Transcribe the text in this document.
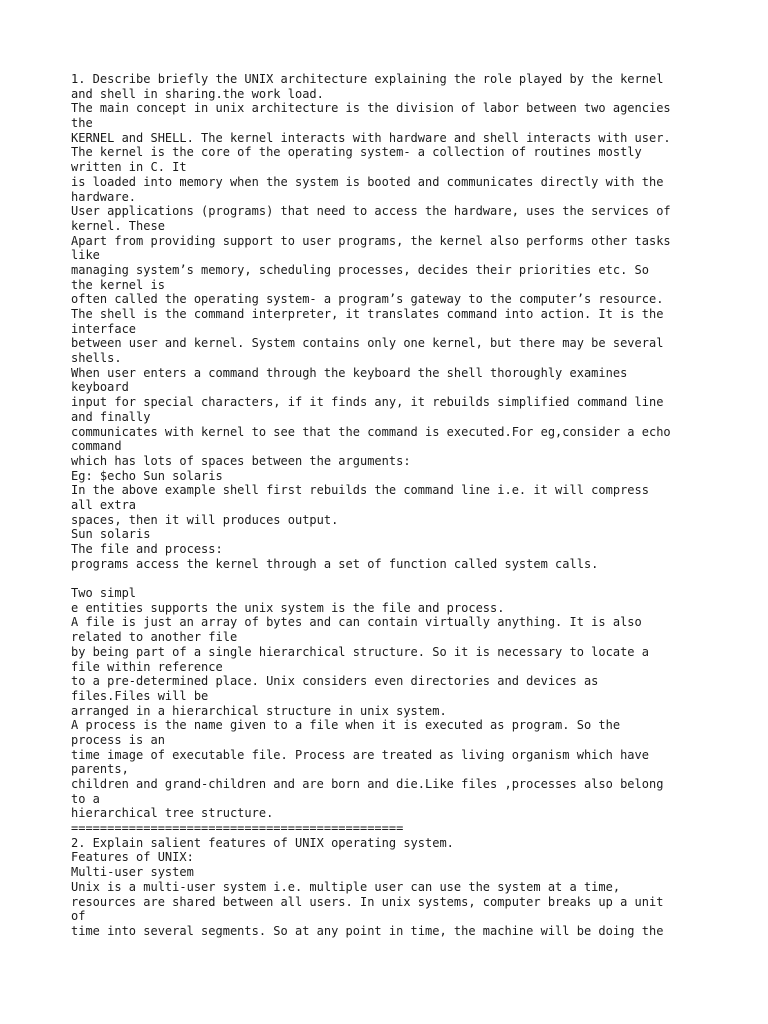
1. Describe briefly the UNIX architecture explaining the role played by the kernel
and shell in sharing.the work load.
The main concept in unix architecture is the division of labor between two agencies
the
KERNEL and SHELL. The kernel interacts with hardware and shell interacts with user.
The kernel is the core of the operating system- a collection of routines mostly
written in C. It
is loaded into memory when the system is booted and communicates directly with the
hardware.
User applications (programs) that need to access the hardware, uses the services of
kernel. These
Apart from providing support to user programs, the kernel also performs other tasks
like
managing system’s memory, scheduling processes, decides their priorities etc. So
the kernel is
often called the operating system- a program’s gateway to the computer’s resource.
The shell is the command interpreter, it translates command into action. It is the
interface
between user and kernel. System contains only one kernel, but there may be several
shells.
When user enters a command through the keyboard the shell thoroughly examines
keyboard
input for special characters, if it finds any, it rebuilds simplified command line
and finally
communicates with kernel to see that the command is executed.For eg,consider a echo
command
which has lots of spaces between the arguments:
Eg: $echo Sun solaris
In the above example shell first rebuilds the command line i.e. it will compress
all extra
spaces, then it will produces output.
Sun solaris
The file and process:
programs access the kernel through a set of function called system calls.
Two simpl
e entities supports the unix system is the file and process.
A file is just an array of bytes and can contain virtually anything. It is also
related to another file
by being part of a single hierarchical structure. So it is necessary to locate a
file within reference
to a pre-determined place. Unix considers even directories and devices as
files.Files will be
arranged in a hierarchical structure in unix system.
A process is the name given to a file when it is executed as program. So the
process is an
time image of executable file. Process are treated as living organism which have
parents,
children and grand-children and are born and die.Like files ,processes also belong
to a
hierarchical tree structure.
==============================================
2. Explain salient features of UNIX operating system.
Features of UNIX:
Multi-user system
Unix is a multi-user system i.e. multiple user can use the system at a time,
resources are shared between all users. In unix systems, computer breaks up a unit
of
time into several segments. So at any point in time, the machine will be doing the
